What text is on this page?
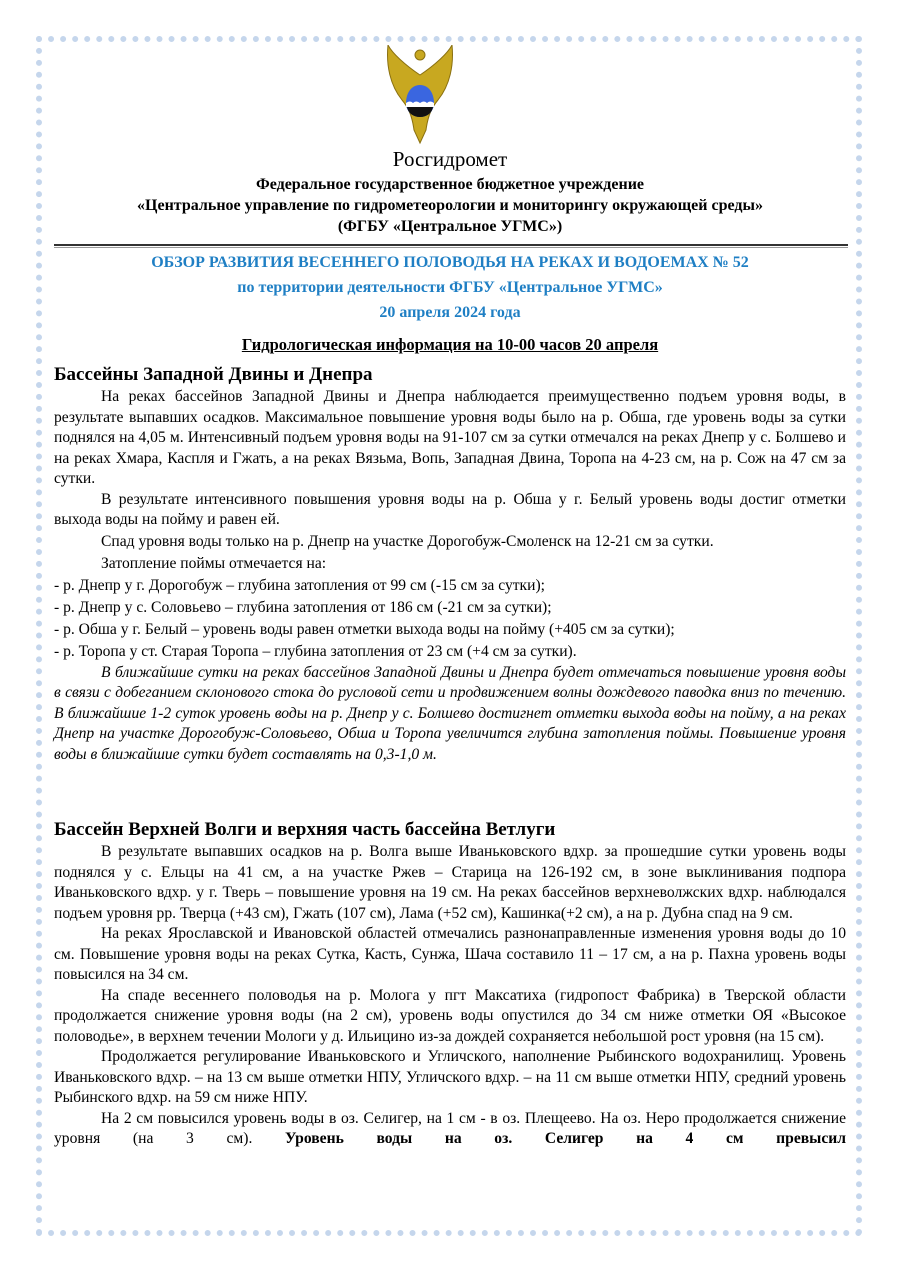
Росгидромет
Федеральное государственное бюджетное учреждение
«Центральное управление по гидрометеорологии и мониторингу окружающей среды»
(ФГБУ «Центральное УГМС»)
ОБЗОР РАЗВИТИЯ ВЕСЕННЕГО ПОЛОВОДЬЯ НА РЕКАХ И ВОДОЕМАХ № 52
по территории деятельности ФГБУ «Центральное УГМС»
20 апреля 2024 года
Гидрологическая информация на 10-00 часов 20 апреля
Бассейны Западной Двины и Днепра

На реках бассейнов Западной Двины и Днепра наблюдается преимущественно подъем уровня воды, в результате выпавших осадков. Максимальное повышение уровня воды было на р. Обша, где уровень воды за сутки поднялся на 4,05 м. Интенсивный подъем уровня воды на 91-107 см за сутки отмечался на реках Днепр у с. Болшево и на реках Хмара, Каспля и Гжать, а на реках Вязьма, Вопь, Западная Двина, Торопа на 4-23 см, на р. Сож на 47 см за сутки.

В результате интенсивного повышения уровня воды на р. Обша у г. Белый уровень воды достиг отметки выхода воды на пойму и равен ей.

Спад уровня воды только на р. Днепр на участке Дорогобуж-Смоленск на 12-21 см за сутки.

Затопление поймы отмечается на:

- р. Днепр у г. Дорогобуж – глубина затопления от 99 см (-15 см за сутки);

- р. Днепр у с. Соловьево – глубина затопления от 186 см (-21 см за сутки);

- р. Обша у г. Белый – уровень воды равен отметки выхода воды на пойму (+405 см за сутки);

- р. Торопа у ст. Старая Торопа – глубина затопления от 23 см (+4 см за сутки).

В ближайшие сутки на реках бассейнов Западной Двины и Днепра будет отмечаться повышение уровня воды в связи с добеганием склонового стока до русловой сети и продвижением волны дождевого паводка вниз по течению. В ближайшие 1-2 суток уровень воды на р. Днепр у с. Болшево достигнет отметки выхода воды на пойму, а на реках Днепр на участке Дорогобуж-Соловьево, Обша и Торопа увеличится глубина затопления поймы. Повышение уровня воды в ближайшие сутки будет составлять на 0,3-1,0 м.

Бассейн Верхней Волги и верхняя часть бассейна Ветлуги

В результате выпавших осадков на р. Волга выше Иваньковского вдхр. за прошедшие сутки уровень воды поднялся у с. Ельцы на 41 см, а на участке Ржев – Старица на 126-192 см, в зоне выклинивания подпора Иваньковского вдхр. у г. Тверь – повышение уровня на 19 см. На реках бассейнов верхневолжских вдхр. наблюдался подъем уровня рр. Тверца (+43 см), Гжать (107 см), Лама (+52 см), Кашинка(+2 см), а на р. Дубна спад на 9 см.

На реках Ярославской и Ивановской областей отмечались разнонаправленные изменения уровня воды до 10 см. Повышение уровня воды на реках Сутка, Касть, Сунжа, Шача составило 11 – 17 см, а на р. Пахна уровень воды повысился на 34 см.

На спаде весеннего половодья на р. Молога у пгт Максатиха (гидропост Фабрика) в Тверской области продолжается снижение уровня воды (на 2 см), уровень воды опустился до 34 см ниже отметки ОЯ «Высокое половодье», в верхнем течении Мологи у д. Ильицино из-за дождей сохраняется небольшой рост уровня (на 15 см).

Продолжается регулирование Иваньковского и Угличского, наполнение Рыбинского водохранилищ. Уровень Иваньковского вдхр. – на 13 см выше отметки НПУ, Угличского вдхр. – на 11 см выше отметки НПУ, средний уровень Рыбинского вдхр. на 59 см ниже НПУ.

На 2 см повысился уровень воды в оз. Селигер, на 1 см - в оз. Плещеево. На оз. Неро продолжается снижение уровня (на 3 см). Уровень воды на оз. Селигер на 4 см превысил
